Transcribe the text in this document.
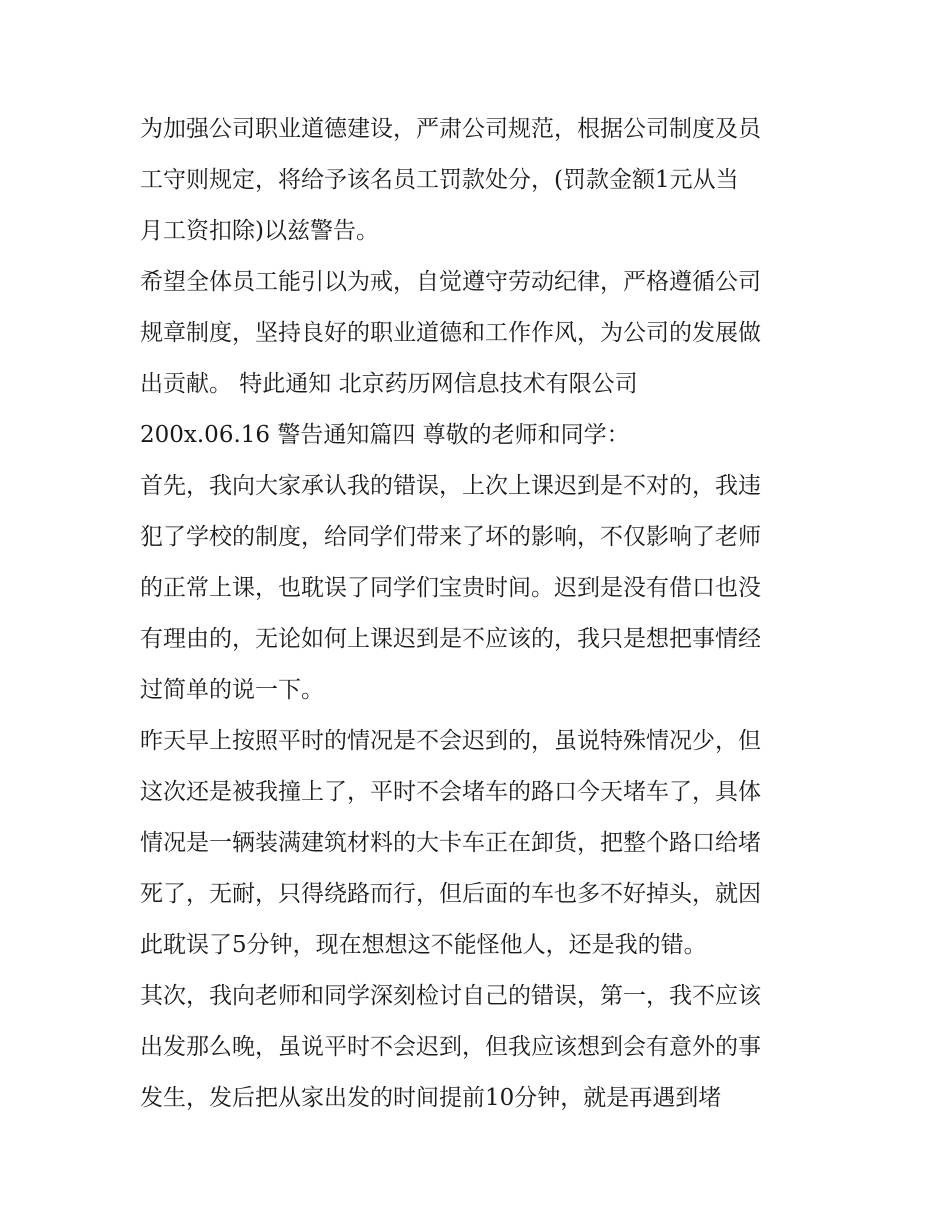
为加强公司职业道德建设，严肃公司规范，根据公司制度及员
工守则规定，将给予该名员工罚款处分，(罚款金额1元从当
月工资扣除)以兹警告。
希望全体员工能引以为戒，自觉遵守劳动纪律，严格遵循公司
规章制度，坚持良好的职业道德和工作作风，为公司的发展做
出贡献。 特此通知 北京药历网信息技术有限公司
200x.06.16 警告通知篇四 尊敬的老师和同学：
首先，我向大家承认我的错误，上次上课迟到是不对的，我违
犯了学校的制度，给同学们带来了坏的影响，不仅影响了老师
的正常上课，也耽误了同学们宝贵时间。迟到是没有借口也没
有理由的，无论如何上课迟到是不应该的，我只是想把事情经
过简单的说一下。
昨天早上按照平时的情况是不会迟到的，虽说特殊情况少，但
这次还是被我撞上了，平时不会堵车的路口今天堵车了，具体
情况是一辆装满建筑材料的大卡车正在卸货，把整个路口给堵
死了，无耐，只得绕路而行，但后面的车也多不好掉头，就因
此耽误了5分钟，现在想想这不能怪他人，还是我的错。
其次，我向老师和同学深刻检讨自己的错误，第一，我不应该
出发那么晚，虽说平时不会迟到，但我应该想到会有意外的事
发生，发后把从家出发的时间提前10分钟，就是再遇到堵
